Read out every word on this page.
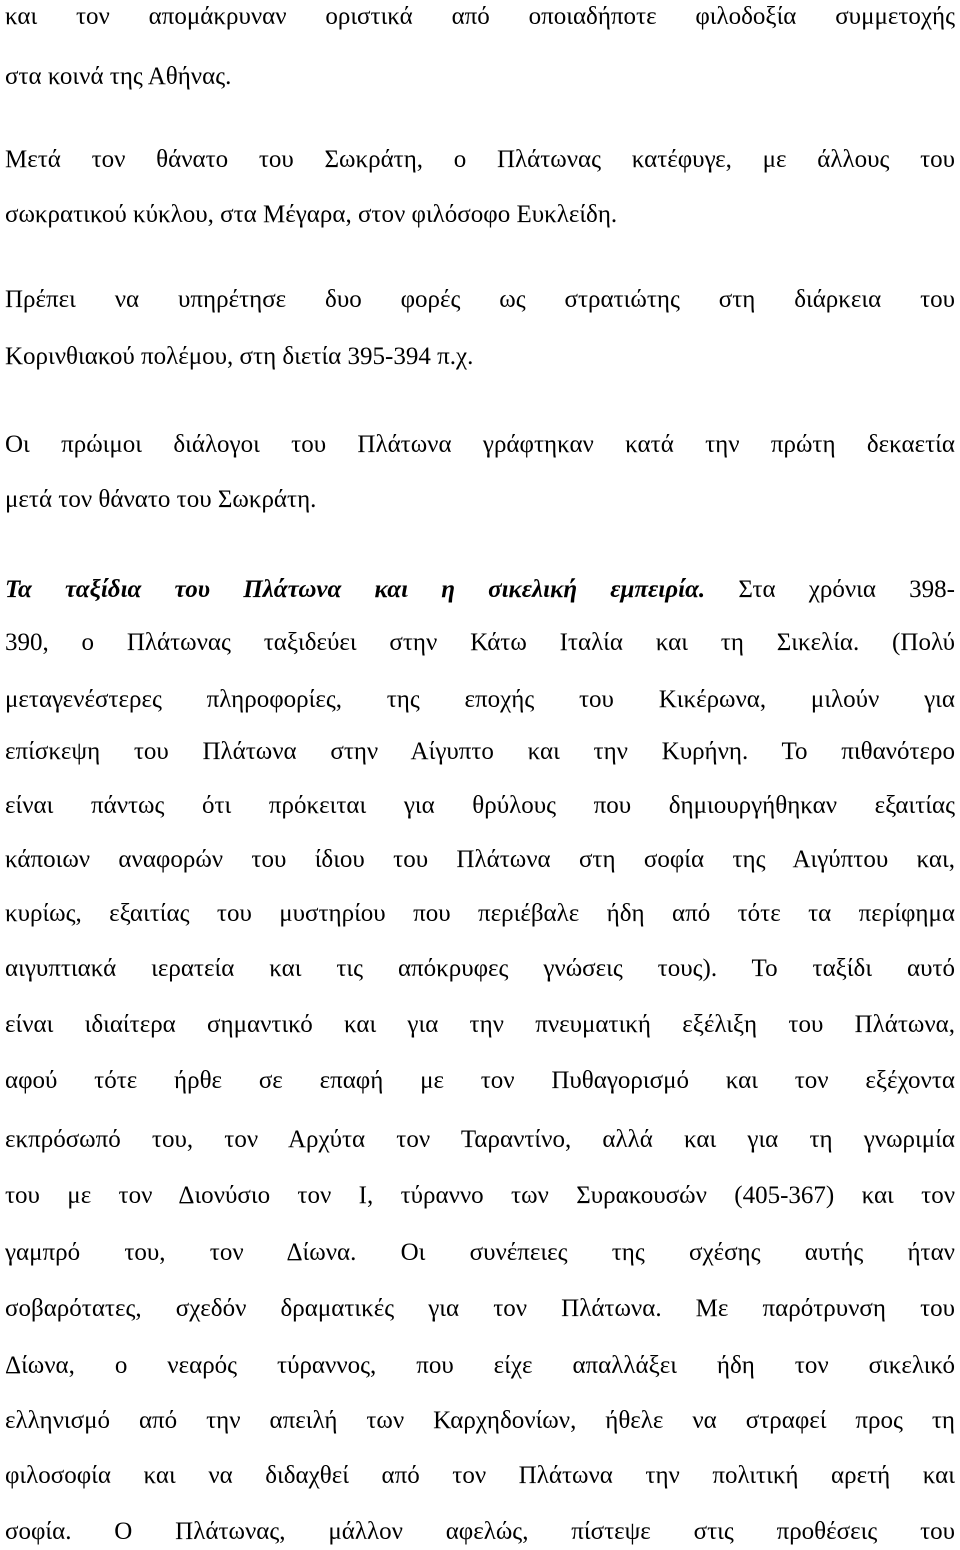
και τον απομάκρυναν οριστικά από οποιαδήποτε φιλοδοξία συμμετοχής
στα κοινά της Αθήνας.
Μετά τον θάνατο του Σωκράτη, ο Πλάτωνας κατέφυγε, με άλλους του
σωκρατικού κύκλου, στα Μέγαρα, στον φιλόσοφο Ευκλείδη.
Πρέπει να υπηρέτησε δυο φορές ως στρατιώτης στη διάρκεια του
Κορινθιακού πολέμου, στη διετία 395-394 π.χ.
Οι πρώιμοι διάλογοι του Πλάτωνα γράφτηκαν κατά την πρώτη δεκαετία
μετά τον θάνατο του Σωκράτη.
Τα ταξίδια του Πλάτωνα και η σικελική εμπειρία. Στα χρόνια 398-
390, ο Πλάτωνας ταξιδεύει στην Κάτω Ιταλία και τη Σικελία. (Πολύ
μεταγενέστερες πληροφορίες, της εποχής του Κικέρωνα, μιλούν για
επίσκεψη του Πλάτωνα στην Αίγυπτο και την Κυρήνη. Το πιθανότερο
είναι πάντως ότι πρόκειται για θρύλους που δημιουργήθηκαν εξαιτίας
κάποιων αναφορών του ίδιου του Πλάτωνα στη σοφία της Αιγύπτου και,
κυρίως, εξαιτίας του μυστηρίου που περιέβαλε ήδη από τότε τα περίφημα
αιγυπτιακά ιερατεία και τις απόκρυφες γνώσεις τους). Το ταξίδι αυτό
είναι ιδιαίτερα σημαντικό και για την πνευματική εξέλιξη του Πλάτωνα,
αφού τότε ήρθε σε επαφή με τον Πυθαγορισμό και τον εξέχοντα
εκπρόσωπό του, τον Αρχύτα τον Ταραντίνο, αλλά και για τη γνωριμία
του με τον Διονύσιο τον Ι, τύραννο των Συρακουσών (405-367) και τον
γαμπρό του, τον Δίωνα. Οι συνέπειες της σχέσης αυτής ήταν
σοβαρότατες, σχεδόν δραματικές για τον Πλάτωνα. Με παρότρυνση του
Δίωνα, ο νεαρός τύραννος, που είχε απαλλάξει ήδη τον σικελικό
ελληνισμό από την απειλή των Καρχηδονίων, ήθελε να στραφεί προς τη
φιλοσοφία και να διδαχθεί από τον Πλάτωνα την πολιτική αρετή και
σοφία. Ο Πλάτωνας, μάλλον αφελώς, πίστεψε στις προθέσεις του
